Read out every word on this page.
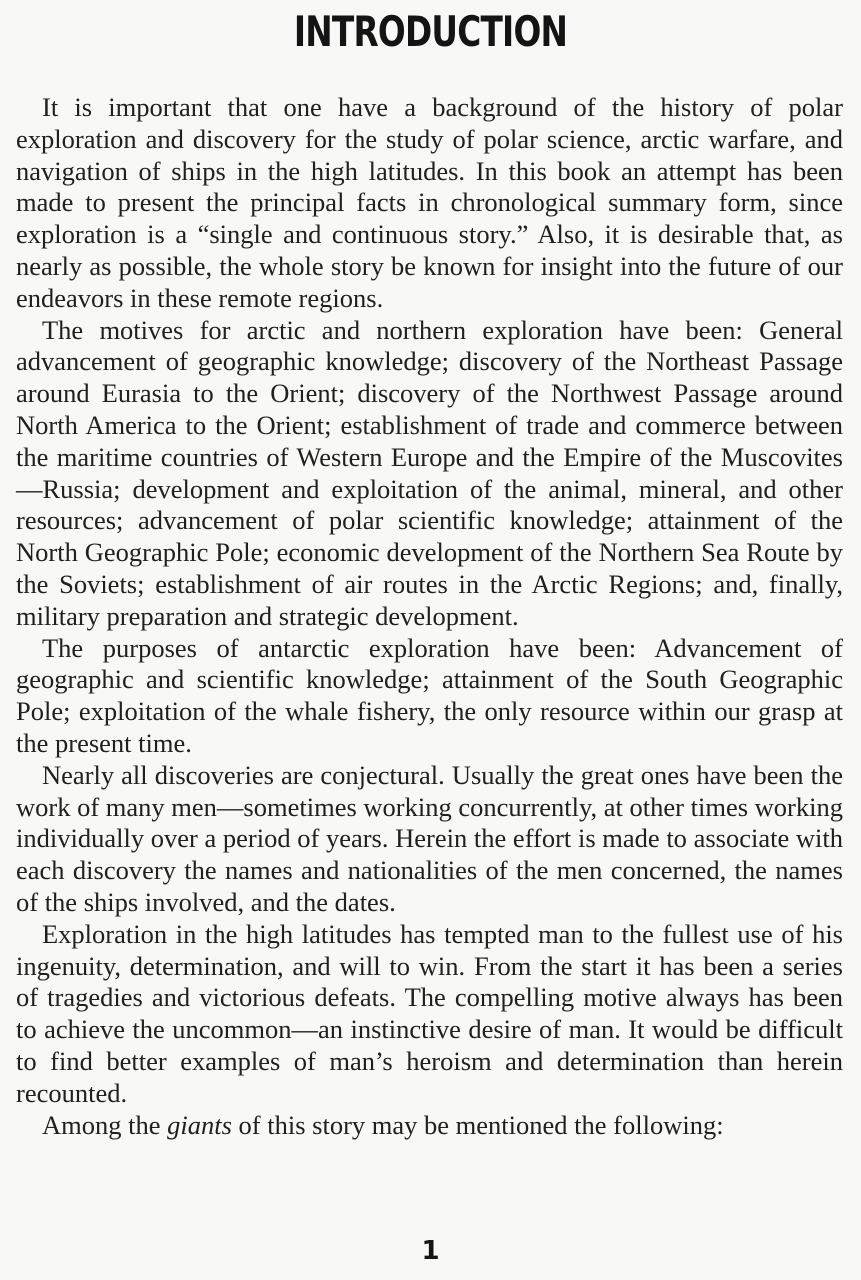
INTRODUCTION

It is important that one have a background of the history of polar exploration and discovery for the study of polar science, arctic warfare, and navigation of ships in the high latitudes. In this book an attempt has been made to present the principal facts in chronological summary form, since exploration is a “single and continuous story.” Also, it is desirable that, as nearly as possible, the whole story be known for insight into the future of our endeavors in these remote regions.

The motives for arctic and northern exploration have been: General advancement of geographic knowledge; discovery of the Northeast Passage around Eurasia to the Orient; discovery of the Northwest Passage around North America to the Orient; establishment of trade and commerce between the maritime countries of Western Europe and the Empire of the Muscovites—Russia; development and exploitation of the animal, mineral, and other resources; advancement of polar scientific knowledge; attainment of the North Geographic Pole; economic development of the Northern Sea Route by the Soviets; establishment of air routes in the Arctic Regions; and, finally, military preparation and strategic development.

The purposes of antarctic exploration have been: Advancement of geographic and scientific knowledge; attainment of the South Geographic Pole; exploitation of the whale fishery, the only resource within our grasp at the present time.

Nearly all discoveries are conjectural. Usually the great ones have been the work of many men—sometimes working concurrently, at other times working individually over a period of years. Herein the effort is made to associate with each discovery the names and nationalities of the men concerned, the names of the ships involved, and the dates.

Exploration in the high latitudes has tempted man to the fullest use of his ingenuity, determination, and will to win. From the start it has been a series of tragedies and victorious defeats. The compelling motive always has been to achieve the uncommon—an instinctive desire of man. It would be difficult to find better examples of man’s heroism and determination than herein recounted.

Among the giants of this story may be mentioned the following:

1
